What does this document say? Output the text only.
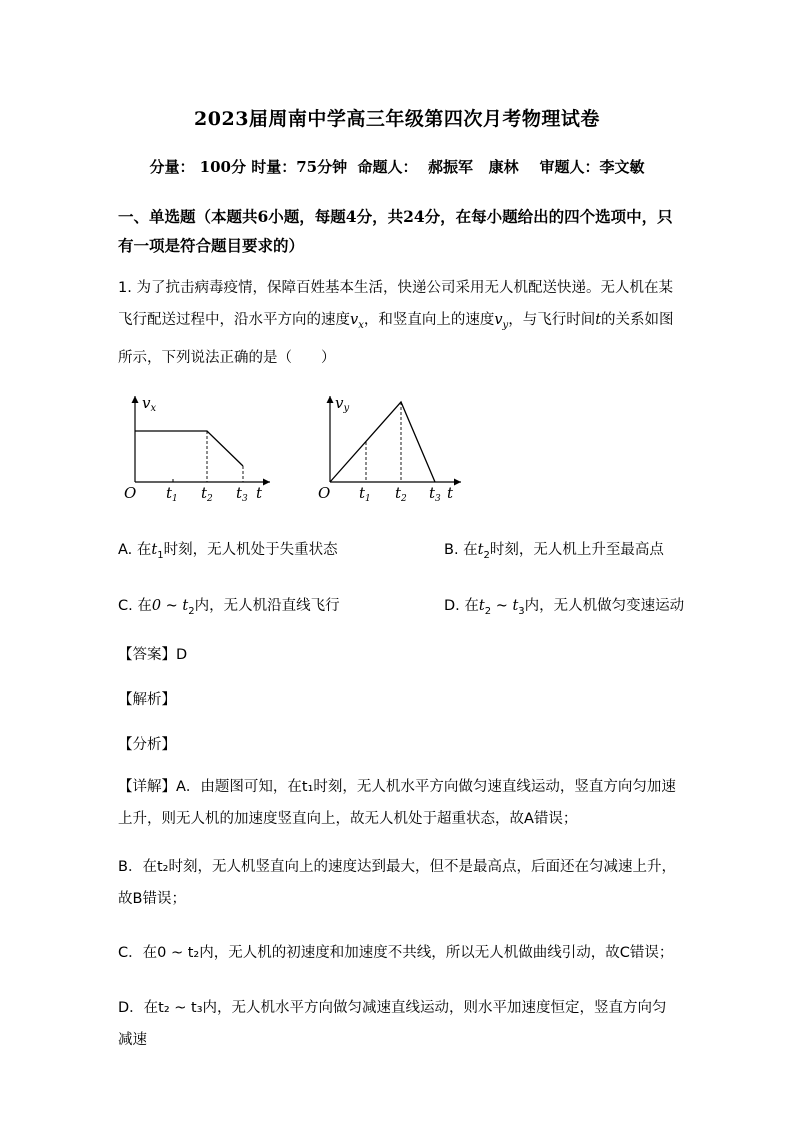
2023届周南中学高三年级第四次月考物理试卷
分量： 100分 时量：75分钟  命题人：  郝振军   康林    审题人：李文敏
一、单选题（本题共6小题，每题4分，共24分，在每小题给出的四个选项中，只有一项是符合题目要求的）
1. 为了抗击病毒疫情，保障百姓基本生活，快递公司采用无人机配送快递。无人机在某飞行配送过程中，沿水平方向的速度$v_x$，和竖直向上的速度$v_y$，与飞行时间t的关系如图所示，下列说法正确的是（　　）
$v_x$
O $t_1$ $t_2$ $t_3$ t
$v_y$
O $t_1$ $t_2$ $t_3$ t
A. 在$t_1$时刻，无人机处于失重状态	B. 在$t_2$时刻，无人机上升至最高点
C. 在0 ~ $t_2$内，无人机沿直线飞行	D. 在$t_2$ ~ $t_3$内，无人机做匀变速运动
【答案】D
【解析】
【分析】
【详解】A．由题图可知，在t₁时刻，无人机水平方向做匀速直线运动，竖直方向匀加速上升，则无人机的加速度竖直向上，故无人机处于超重状态，故A错误；
B．在t₂时刻，无人机竖直向上的速度达到最大，但不是最高点，后面还在匀减速上升，故B错误；
C．在0 ~ t₂内，无人机的初速度和加速度不共线，所以无人机做曲线引动，故C错误；
D．在t₂ ~ t₃内，无人机水平方向做匀减速直线运动，则水平加速度恒定，竖直方向匀减速
